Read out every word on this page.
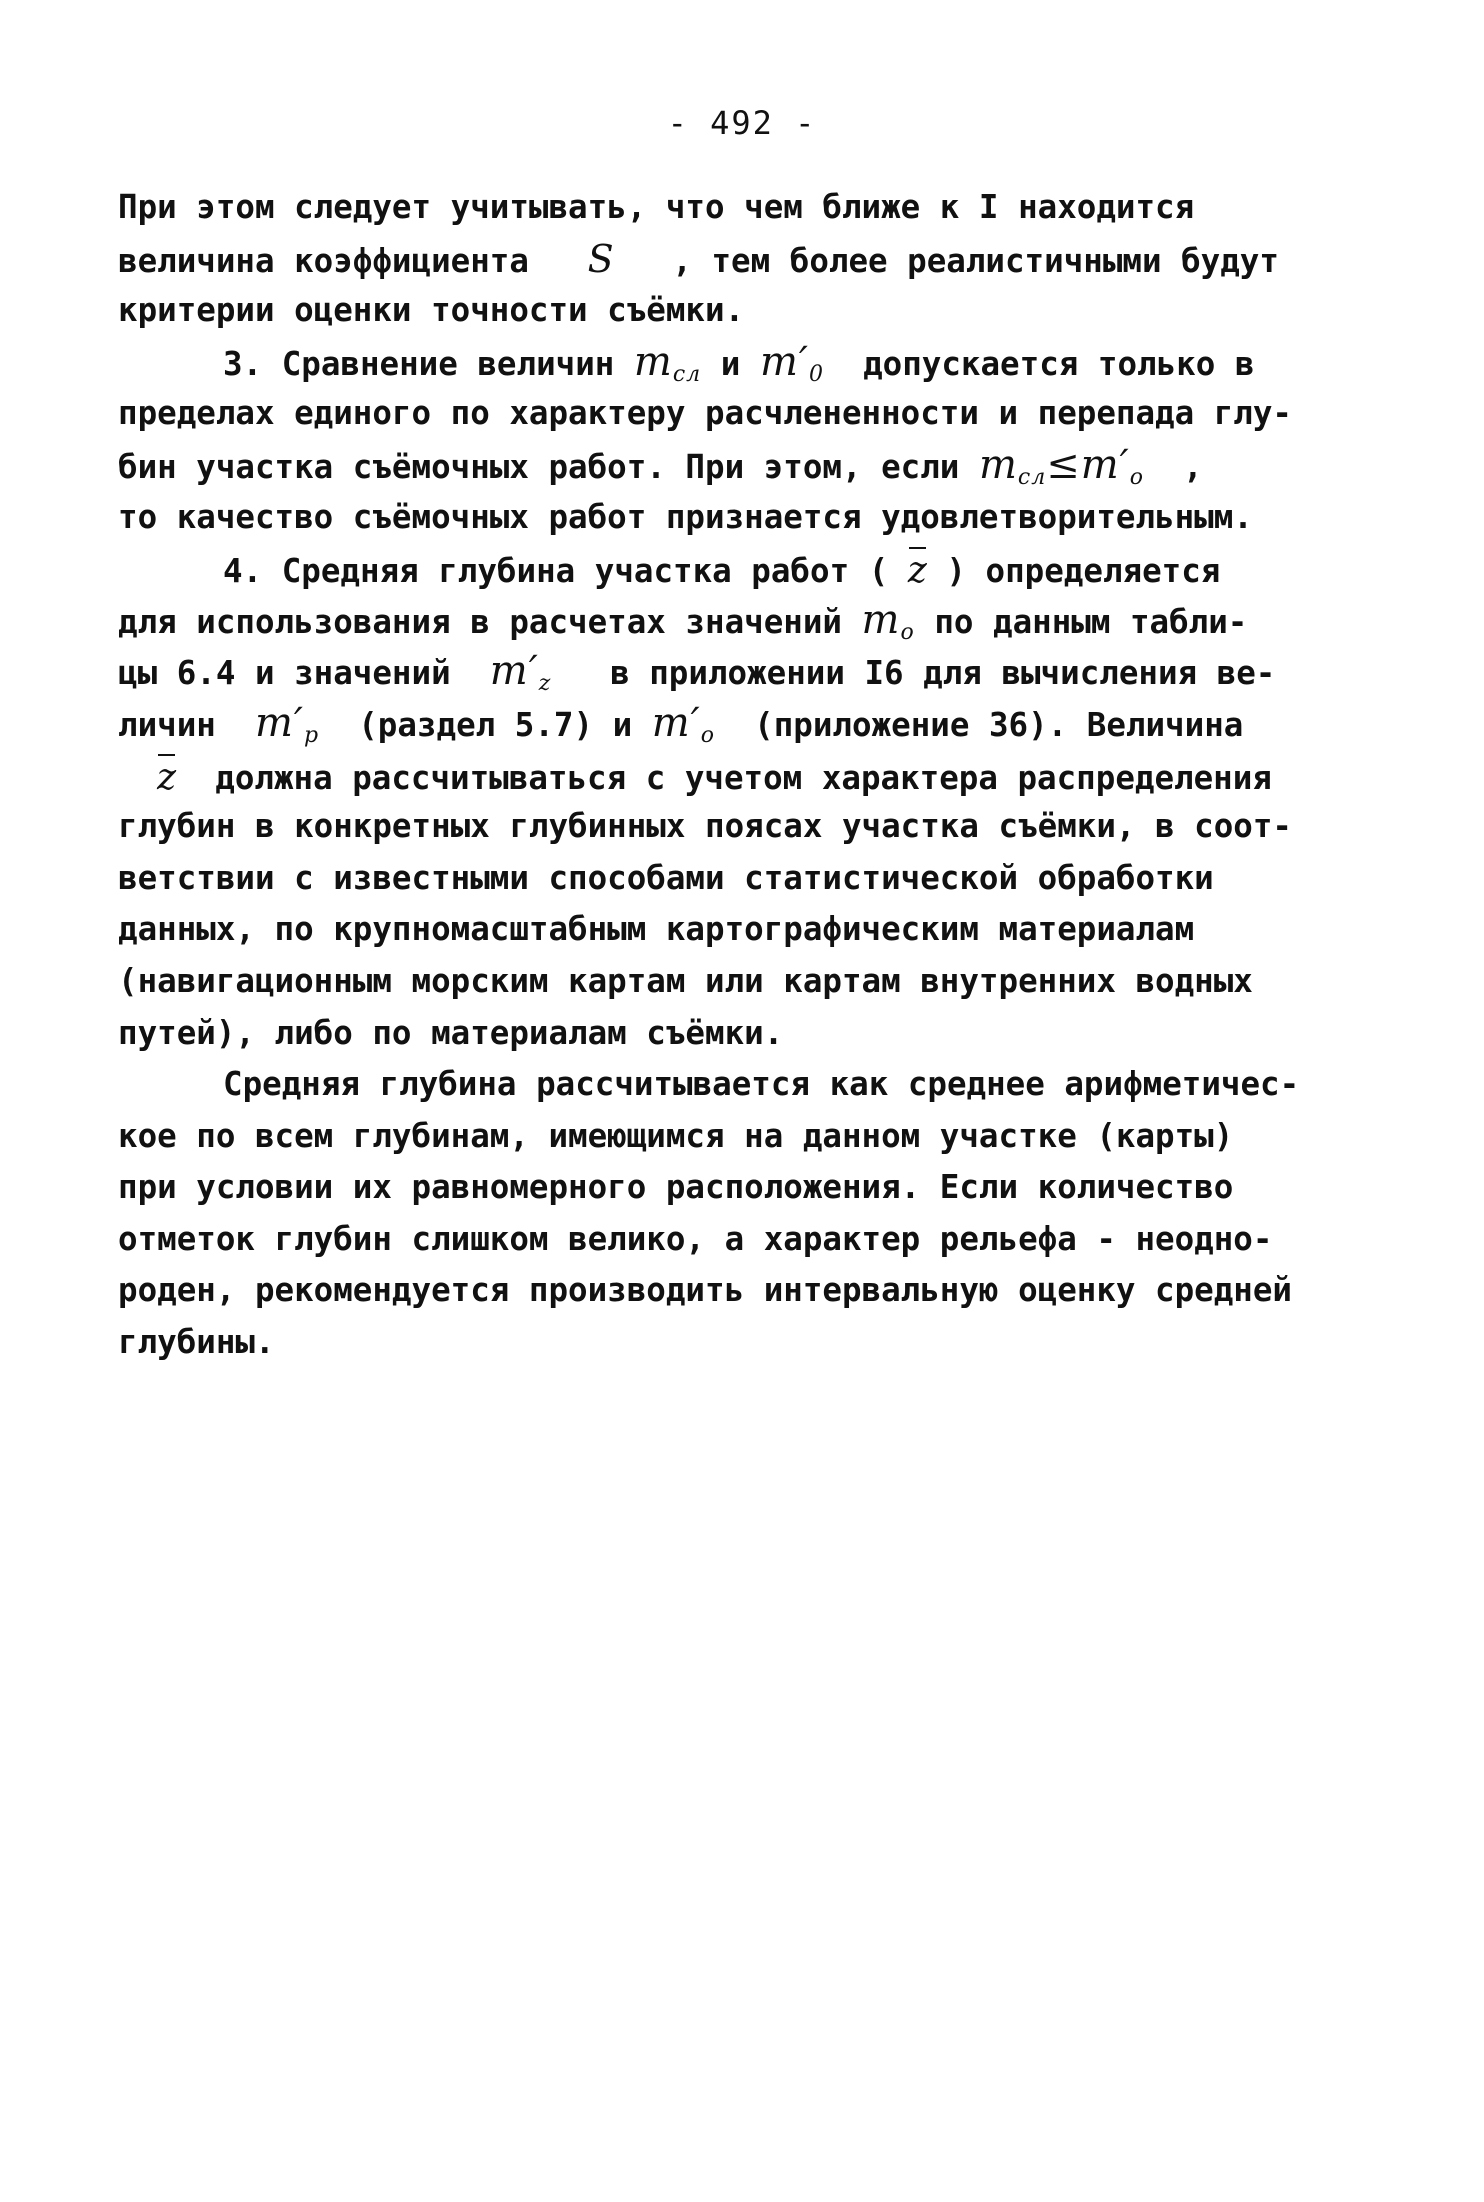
- 492 -
При этом следует учитывать, что чем ближе к I находится
величина коэффициента S , тем более реалистичными будут
критерии оценки точности съёмки.
3. Сравнение величин $m_{сл}$ и $m'_0$ допускается только в
пределах единого по характеру расчлененности и перепада глу-
бин участка съёмочных работ. При этом, если $m_{сл}\le m'_о$ ,
то качество съёмочных работ признается удовлетворительным.
4. Средняя глубина участка работ ( z ) определяется
для использования в расчетах значений $m_о$ по данным табли-
цы 6.4 и значений $m'_z$ в приложении I6 для вычисления ве-
личин $m'_р$ (раздел 5.7) и $m'_о$ (приложение 36). Величина
z должна рассчитываться с учетом характера распределения
глубин в конкретных глубинных поясах участка съёмки, в соот-
ветствии с известными способами статистической обработки
данных, по крупномасштабным картографическим материалам
(навигационным морским картам или картам внутренних водных
путей), либо по материалам съёмки.
Средняя глубина рассчитывается как среднее арифметичес-
кое по всем глубинам, имеющимся на данном участке (карты)
при условии их равномерного расположения. Если количество
отметок глубин слишком велико, а характер рельефа - неодно-
роден, рекомендуется производить интервальную оценку средней
глубины.
